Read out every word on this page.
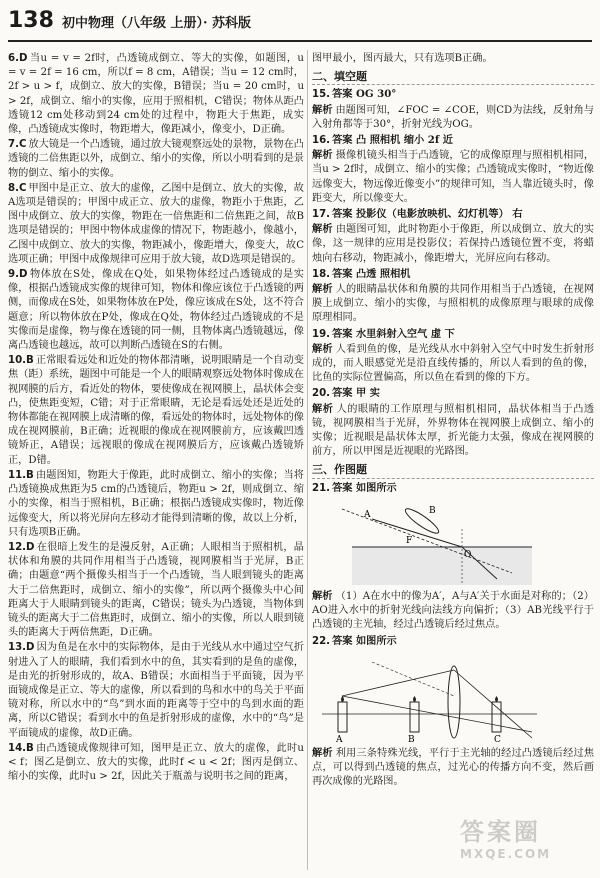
138 初中物理（八年级 上册）· 苏科版

6.D 当u = v = 2f时，凸透镜成倒立、等大的实像，如题图，u = v = 2f = 16 cm，所以f = 8 cm，A错误；当u = 12 cm时，2f > u > f，成倒立、放大的实像，B错误；当u = 20 cm时，u > 2f，成倒立、缩小的实像，应用于照相机，C错误；物体从距凸透镜12 cm处移动到24 cm处的过程中，物距大于焦距，成实像，凸透镜成实像时，物距增大，像距减小，像变小，D正确。

7.C 放大镜是一个凸透镜，通过放大镜观察远处的景物，景物在凸透镜的二倍焦距以外，成倒立、缩小的实像，所以小明看到的是景物的倒立、缩小的实像。

8.C 甲图中是正立、放大的虚像，乙图中是倒立、放大的实像，故A选项是错误的；甲图中成正立、放大的虚像，物距小于焦距，乙图中成倒立、放大的实像，物距在一倍焦距和二倍焦距之间，故B选项是错误的；甲图中物体成虚像的情况下，物距越小，像越小，乙图中成倒立、放大的实像，物距减小，像距增大，像变大，故C选项正确；甲图中成像规律可应用于放大镜，故D选项是错误的。

9.D 物体放在S处，像成在Q处，如果物体经过凸透镜成的是实像，根据凸透镜成实像的规律可知，物体和像应该位于凸透镜的两侧，而像成在S处，如果物体放在P处，像应该成在S处，这不符合题意；所以物体放在P处，像成在Q处，物体经过凸透镜成的不是实像而是虚像，物与像在透镜的同一侧，且物体离凸透镜越远，像离凸透镜也越远，故可以判断凸透镜在S的右侧。

10.B 正常眼看远处和近处的物体都清晰，说明眼睛是一个自动变焦（距）系统，题图中可能是一个人的眼睛观察远处物体时像成在视网膜的后方，看近处的物体，要使像成在视网膜上，晶状体会变凸，使焦距变短，C错；对于正常眼睛，无论是看远处还是近处的物体都能在视网膜上成清晰的像，看远处的物体时，远处物体的像成在视网膜前，B正确；近视眼的像成在视网膜前方，应该戴凹透镜矫正，A错误；远视眼的像成在视网膜后方，应该戴凸透镜矫正，D错。

11.B 由题图知，物距大于像距，此时成倒立、缩小的实像；当将凸透镜换成焦距为5 cm的凸透镜后，物距u > 2f，则成倒立、缩小的实像，相当于照相机，B正确；根据凸透镜成实像时，物近像远像变大，所以将光屏向左移动才能得到清晰的像，故以上分析，只有选项B正确。

12.D 在很暗上发生的是漫反射，A正确；人眼相当于照相机，晶状体和角膜的共同作用相当于凸透镜，视网膜相当于光屏，B正确；由题意“两个摄像头相当于一个凸透镜，当人眼到镜头的距离大于二倍焦距时，成倒立、缩小的实像”，所以两个摄像头中心间距离大于人眼睛到镜头的距离，C错误；镜头为凸透镜，当物体到镜头的距离大于二倍焦距时，成倒立、缩小的实像，所以人眼到镜头的距离大于两倍焦距，D正确。

13.D 因为鱼是在水中的实际物体，是由于光线从水中通过空气折射进入了人的眼睛，我们看到水中的鱼，其实看到的是鱼的虚像，是由光的折射形成的，故A、B错误；水面相当于平面镜，因为平面镜成像是正立、等大的虚像，所以看到的鸟和水中的鸟关于平面镜对称，所以水中的“鸟”到水面的距离等于空中的鸟到水面的距离，所以C错误；看到水中的鱼是折射形成的虚像，水中的“鸟”是平面镜成的虚像，故D正确。

14.B 由凸透镜成像规律可知，图甲是正立、放大的虚像，此时u < f；图乙是倒立、放大的实像，此时f < u < 2f；图丙是倒立、缩小的实像，此时u > 2f，因此关于瓶盖与说明书之间的距离，

图甲最小，图丙最大，只有选项B正确。

二、填空题

15. 答案 OG 30°

解析 由题图可知，∠FOC = ∠COE，则CD为法线，反射角与入射角都等于30°，折射光线为OG。

16. 答案 凸 照相机 缩小 2f 近

解析 摄像机镜头相当于凸透镜，它的成像原理与照相机相同，当u > 2f时，成倒立、缩小的实像；凸透镜成实像时，“物近像远像变大，物远像近像变小”的规律可知，当人靠近镜头时，像距变大，所以像变大。

17. 答案 投影仪（电影放映机、幻灯机等） 右

解析 由题图可知，此时物距小于像距，所以成倒立、放大的实像，这一规律的应用是投影仪；若保持凸透镜位置不变，将蜡烛向右移动，物距减小，像距增大，光屏应向右移动。

18. 答案 凸透 照相机

解析 人的眼睛晶状体和角膜的共同作用相当于凸透镜，在视网膜上成倒立、缩小的实像，与照相机的成像原理与眼球的成像原理相同。

19. 答案 水里斜射入空气 虚 下

解析 人看到鱼的像，是光线从水中斜射入空气中时发生折射形成的，而人眼感觉光是沿直线传播的，所以人看到的鱼的像，比鱼的实际位置偏高，所以鱼在看到的像的下方。

20. 答案 甲 实

解析 人的眼睛的工作原理与照相机相同，晶状体相当于凸透镜，视网膜相当于光屏，外界物体在视网膜上成倒立、缩小的实像；近视眼是晶状体太厚，折光能力太强，像成在视网膜的前方，所以甲图是近视眼的光路图。

三、作图题

21. 答案 如图所示

A	B
F
O

解析 （1）A在水中的像为A′，A与A′关于水面是对称的；（2）AO进入水中的折射光线向法线方向偏折；（3）AB光线平行于凸透镜的主光轴，经过凸透镜后经过焦点。

22. 答案 如图所示

A	B	C

解析 利用三条特殊光线，平行于主光轴的经过凸透镜后经过焦点，可以得到凸透镜的焦点，过光心的传播方向不变，然后画再次成像的光路图。

答案圈
MXQE.COM
